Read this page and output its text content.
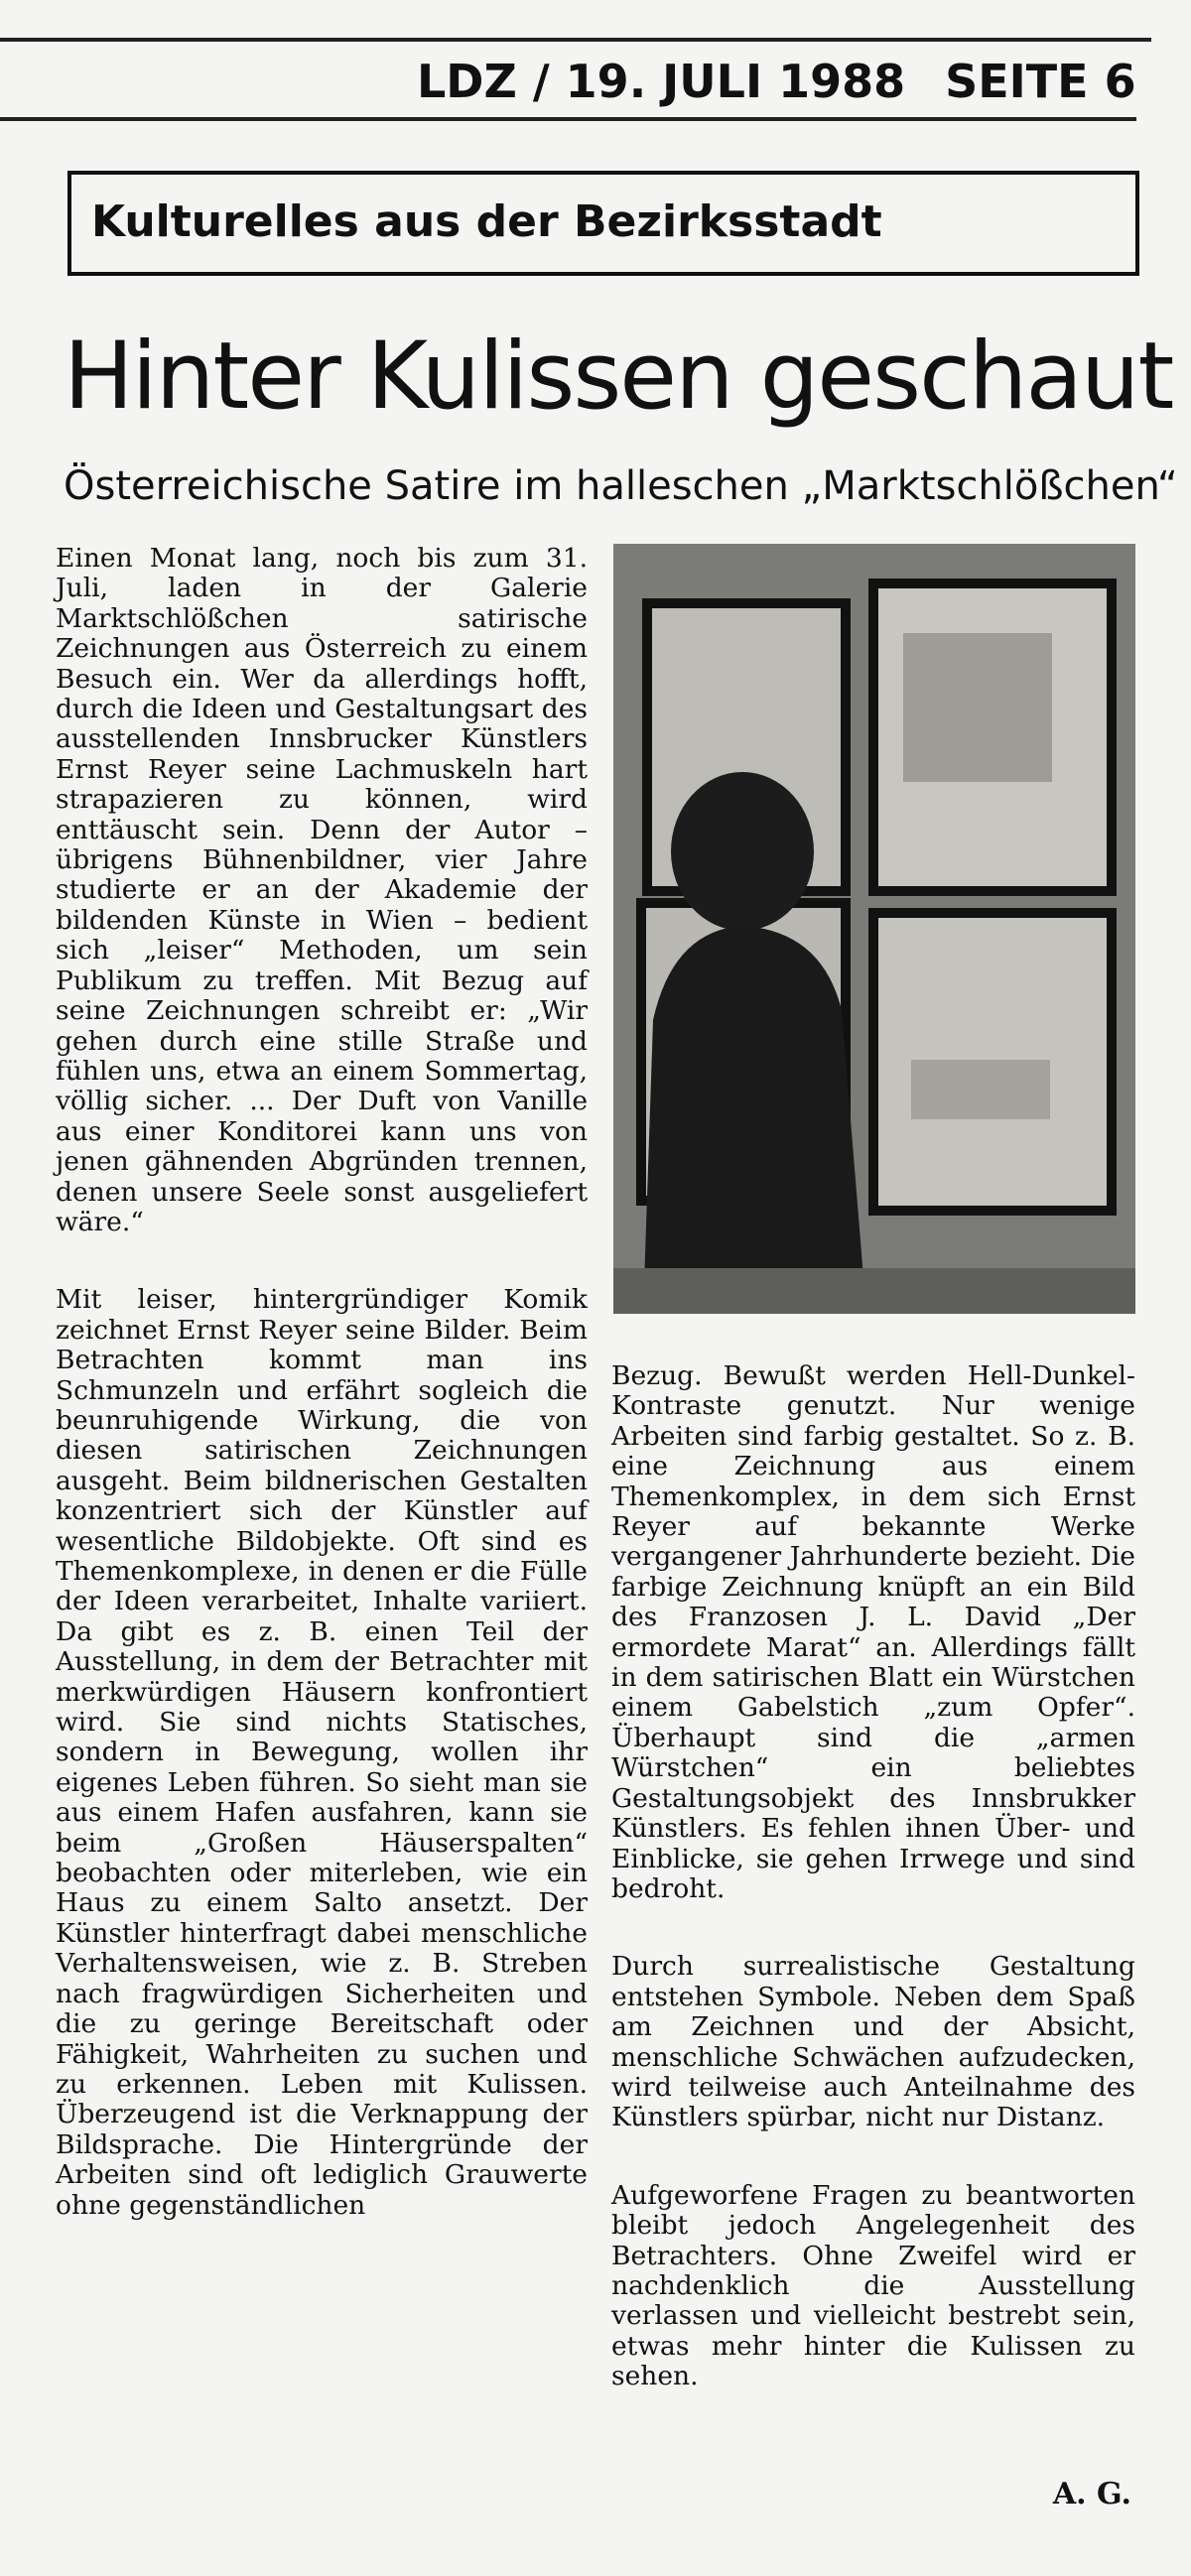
LDZ / 19. JULI 1988 SEITE 6
Kulturelles aus der Bezirksstadt
Hinter Kulissen geschaut
Österreichische Satire im halleschen „Marktschlößchen“

Einen Monat lang, noch bis zum 31. Juli, laden in der Galerie Marktschlößchen satirische Zeichnungen aus Österreich zu einem Besuch ein. Wer da allerdings hofft, durch die Ideen und Gestaltungsart des ausstellenden Innsbrucker Künstlers Ernst Reyer seine Lachmuskeln hart strapazieren zu können, wird enttäuscht sein. Denn der Autor – übrigens Bühnenbildner, vier Jahre studierte er an der Akademie der bildenden Künste in Wien – bedient sich „leiser“ Methoden, um sein Publikum zu treffen. Mit Bezug auf seine Zeichnungen schreibt er: „Wir gehen durch eine stille Straße und fühlen uns, etwa an einem Sommertag, völlig sicher. ... Der Duft von Vanille aus einer Konditorei kann uns von jenen gähnenden Abgründen trennen, denen unsere Seele sonst ausgeliefert wäre.“

Mit leiser, hintergründiger Komik zeichnet Ernst Reyer seine Bilder. Beim Betrachten kommt man ins Schmunzeln und erfährt sogleich die beunruhigende Wirkung, die von diesen satirischen Zeichnungen ausgeht. Beim bildnerischen Gestalten konzentriert sich der Künstler auf wesentliche Bildobjekte. Oft sind es Themenkomplexe, in denen er die Fülle der Ideen verarbeitet, Inhalte variiert. Da gibt es z. B. einen Teil der Ausstellung, in dem der Betrachter mit merkwürdigen Häusern konfrontiert wird. Sie sind nichts Statisches, sondern in Bewegung, wollen ihr eigenes Leben führen. So sieht man sie aus einem Hafen ausfahren, kann sie beim „Großen Häuserspalten“ beobachten oder miterleben, wie ein Haus zu einem Salto ansetzt. Der Künstler hinterfragt dabei menschliche Verhaltensweisen, wie z. B. Streben nach fragwürdigen Sicherheiten und die zu geringe Bereitschaft oder Fähigkeit, Wahrheiten zu suchen und zu erkennen. Leben mit Kulissen. Überzeugend ist die Verknappung der Bildsprache. Die Hintergründe der Arbeiten sind oft lediglich Grauwerte ohne gegenständlichen

Bezug. Bewußt werden Hell-Dunkel-Kontraste genutzt. Nur wenige Arbeiten sind farbig gestaltet. So z. B. eine Zeichnung aus einem Themenkomplex, in dem sich Ernst Reyer auf bekannte Werke vergangener Jahrhunderte bezieht. Die farbige Zeichnung knüpft an ein Bild des Franzosen J. L. David „Der ermordete Marat“ an. Allerdings fällt in dem satirischen Blatt ein Würstchen einem Gabelstich „zum Opfer“. Überhaupt sind die „armen Würstchen“ ein beliebtes Gestaltungsobjekt des Innsbrukker Künstlers. Es fehlen ihnen Über- und Einblicke, sie gehen Irrwege und sind bedroht.

Durch surrealistische Gestaltung entstehen Symbole. Neben dem Spaß am Zeichnen und der Absicht, menschliche Schwächen aufzudecken, wird teilweise auch Anteilnahme des Künstlers spürbar, nicht nur Distanz.

Aufgeworfene Fragen zu beantworten bleibt jedoch Angelegenheit des Betrachters. Ohne Zweifel wird er nachdenklich die Ausstellung verlassen und vielleicht bestrebt sein, etwas mehr hinter die Kulissen zu sehen.

A. G.
